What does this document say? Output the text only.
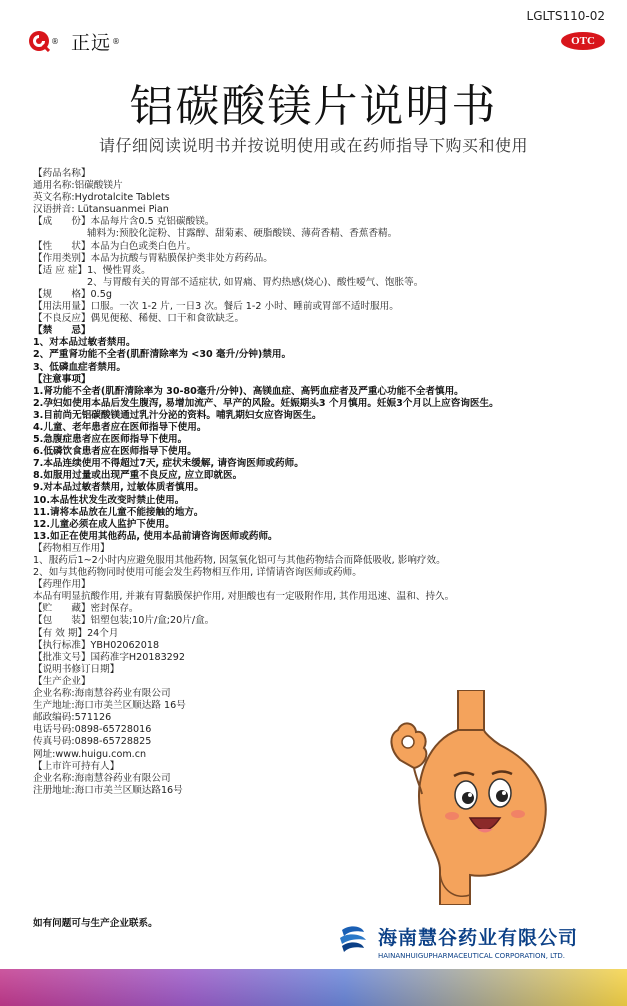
LGLTS110-02
OTC
® 正远 ®
铝碳酸镁片说明书
请仔细阅读说明书并按说明使用或在药师指导下购买和使用
【药品名称】
通用名称:铝碳酸镁片
英文名称:Hydrotalcite Tablets
汉语拼音: Lütansuanmei Pian
【成　　份】本品每片含0.5 克铝碳酸镁。
辅料为:预胶化淀粉、甘露醇、甜菊素、硬脂酸镁、薄荷香精、香蕉香精。
【性　　状】本品为白色或类白色片。
【作用类别】本品为抗酸与胃粘膜保护类非处方药药品。
【适 应 症】1、慢性胃炎。
2、与胃酸有关的胃部不适症状, 如胃痛、胃灼热感(烧心)、酸性嗳气、饱胀等。
【规　　格】0.5g
【用法用量】口服。一次 1-2 片, 一日3 次。餐后 1-2 小时、睡前或胃部不适时服用。
【不良反应】偶见便秘、稀便、口干和食欲缺乏。
【禁　　忌】
1、对本品过敏者禁用。
2、严重肾功能不全者(肌酐清除率为 <30 毫升/分钟)禁用。
3、低磷血症者禁用。
【注意事项】
1.肾功能不全者(肌酐清除率为 30-80毫升/分钟)、高镁血症、高钙血症者及严重心功能不全者慎用。
2.孕妇如使用本品后发生腹泻, 易增加流产、早产的风险。妊娠期头3 个月慎用。妊娠3个月以上应咨询医生。
3.目前尚无铝碳酸镁通过乳汁分泌的资料。哺乳期妇女应咨询医生。
4.儿童、老年患者应在医师指导下使用。
5.急腹症患者应在医师指导下使用。
6.低磷饮食患者应在医师指导下使用。
7.本品连续使用不得超过7天, 症状未缓解, 请咨询医师或药师。
8.如服用过量或出现严重不良反应, 应立即就医。
9.对本品过敏者禁用, 过敏体质者慎用。
10.本品性状发生改变时禁止使用。
11.请将本品放在儿童不能接触的地方。
12.儿童必须在成人监护下使用。
13.如正在使用其他药品, 使用本品前请咨询医师或药师。
【药物相互作用】
1、服药后1~2小时内应避免服用其他药物, 因氢氧化铝可与其他药物结合而降低吸收, 影响疗效。
2、如与其他药物同时使用可能会发生药物相互作用, 详情请咨询医师或药师。
【药理作用】
本品有明显抗酸作用, 并兼有胃黏膜保护作用, 对胆酸也有一定吸附作用, 其作用迅速、温和、持久。
【贮　　藏】密封保存。
【包　　装】铝塑包装;10片/盒;20片/盒。
【有 效 期】24个月
【执行标准】YBH02062018
【批准文号】国药准字H20183292
【说明书修订日期】
【生产企业】
企业名称:海南慧谷药业有限公司
生产地址:海口市美兰区顺达路 16号
邮政编码:571126
电话号码:0898-65728016
传真号码:0898-65728825
网址:www.huigu.com.cn
【上市许可持有人】
企业名称:海南慧谷药业有限公司
注册地址:海口市美兰区顺达路16号
如有问题可与生产企业联系。
海南慧谷药业有限公司
HAINANHUIGUPHARMACEUTICAL CORPORATION, LTD.
